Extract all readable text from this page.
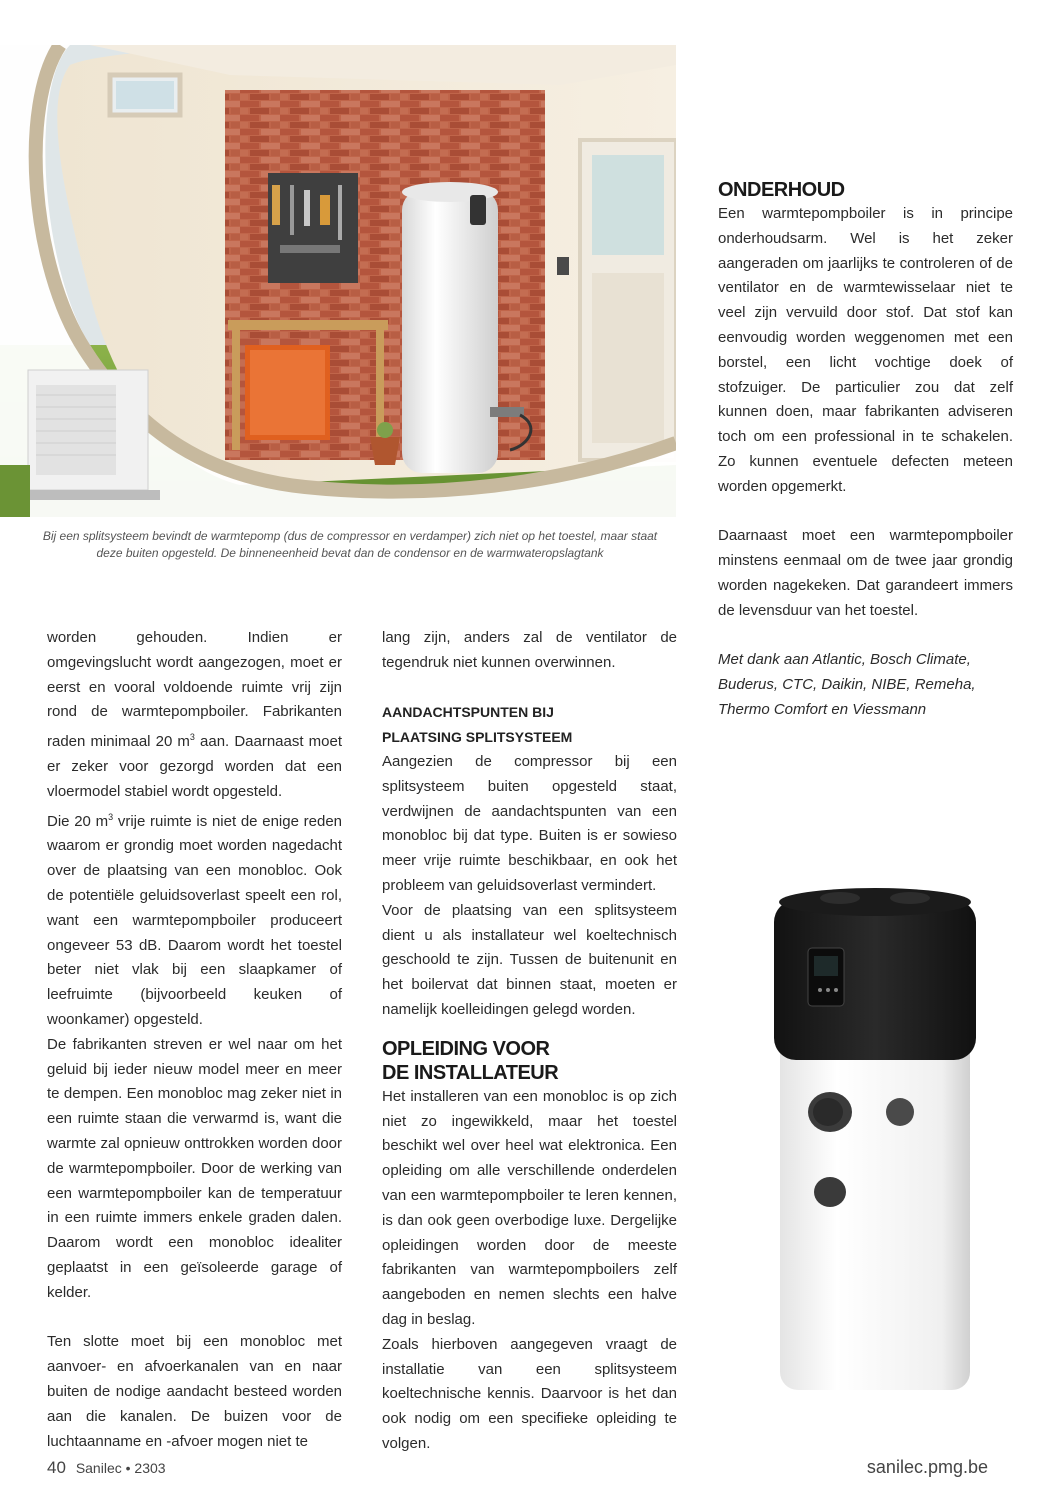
Bij een splitsysteem bevindt de warmtepomp (dus de compressor en verdamper) zich niet op het toestel, maar staat deze buiten opgesteld. De binneneenheid bevat dan de condensor en de warmwateropslagtank

worden gehouden. Indien er omgevingslucht wordt aangezogen, moet er eerst en vooral voldoende ruimte vrij zijn rond de warmtepompboiler. Fabrikanten raden minimaal 20 $m^3$ aan. Daarnaast moet er zeker voor gezorgd worden dat een vloermodel stabiel wordt opgesteld.

Die 20 $m^3$ vrije ruimte is niet de enige reden waarom er grondig moet worden nagedacht over de plaatsing van een monobloc. Ook de potentiële geluidsoverlast speelt een rol, want een warmtepompboiler produceert ongeveer 53 dB. Daarom wordt het toestel beter niet vlak bij een slaapkamer of leefruimte (bijvoorbeeld keuken of woonkamer) opgesteld.

De fabrikanten streven er wel naar om het geluid bij ieder nieuw model meer en meer te dempen. Een monobloc mag zeker niet in een ruimte staan die verwarmd is, want die warmte zal opnieuw onttrokken worden door de warmtepompboiler. Door de werking van een warmtepompboiler kan de temperatuur in een ruimte immers enkele graden dalen. Daarom wordt een monobloc idealiter geplaatst in een geïsoleerde garage of kelder.

Ten slotte moet bij een monobloc met aanvoer- en afvoerkanalen van en naar buiten de nodige aandacht besteed worden aan die kanalen. De buizen voor de luchtaanname en -afvoer mogen niet te

lang zijn, anders zal de ventilator de tegendruk niet kunnen overwinnen.

AANDACHTSPUNTEN BIJ
PLAATSING SPLITSYSTEEM

Aangezien de compressor bij een splitsysteem buiten opgesteld staat, verdwijnen de aandachtspunten van een monobloc bij dat type. Buiten is er sowieso meer vrije ruimte beschikbaar, en ook het probleem van geluidsoverlast vermindert.

Voor de plaatsing van een splitsysteem dient u als installateur wel koeltechnisch geschoold te zijn. Tussen de buitenunit en het boilervat dat binnen staat, moeten er namelijk koelleidingen gelegd worden.

OPLEIDING VOOR
DE INSTALLATEUR

Het installeren van een monobloc is op zich niet zo ingewikkeld, maar het toestel beschikt wel over heel wat elektronica. Een opleiding om alle verschillende onderdelen van een warmtepompboiler te leren kennen, is dan ook geen overbodige luxe. Dergelijke opleidingen worden door de meeste fabrikanten van warmtepompboilers zelf aangeboden en nemen slechts een halve dag in beslag.

Zoals hierboven aangegeven vraagt de installatie van een splitsysteem koeltechnische kennis. Daarvoor is het dan ook nodig om een specifieke opleiding te volgen.

ONDERHOUD

Een warmtepompboiler is in principe onderhoudsarm. Wel is het zeker aangeraden om jaarlijks te controleren of de ventilator en de warmtewisselaar niet te veel zijn vervuild door stof. Dat stof kan eenvoudig worden weggenomen met een borstel, een licht vochtige doek of stofzuiger. De particulier zou dat zelf kunnen doen, maar fabrikanten adviseren toch om een professional in te schakelen. Zo kunnen eventuele defecten meteen worden opgemerkt.

Daarnaast moet een warmtepompboiler minstens eenmaal om de twee jaar grondig worden nagekeken. Dat garandeert immers de levensduur van het toestel.

Met dank aan Atlantic, Bosch Climate, Buderus, CTC, Daikin, NIBE, Remeha, Thermo Comfort en Viessmann

40 Sanilec • 2303	sanilec.pmg.be
